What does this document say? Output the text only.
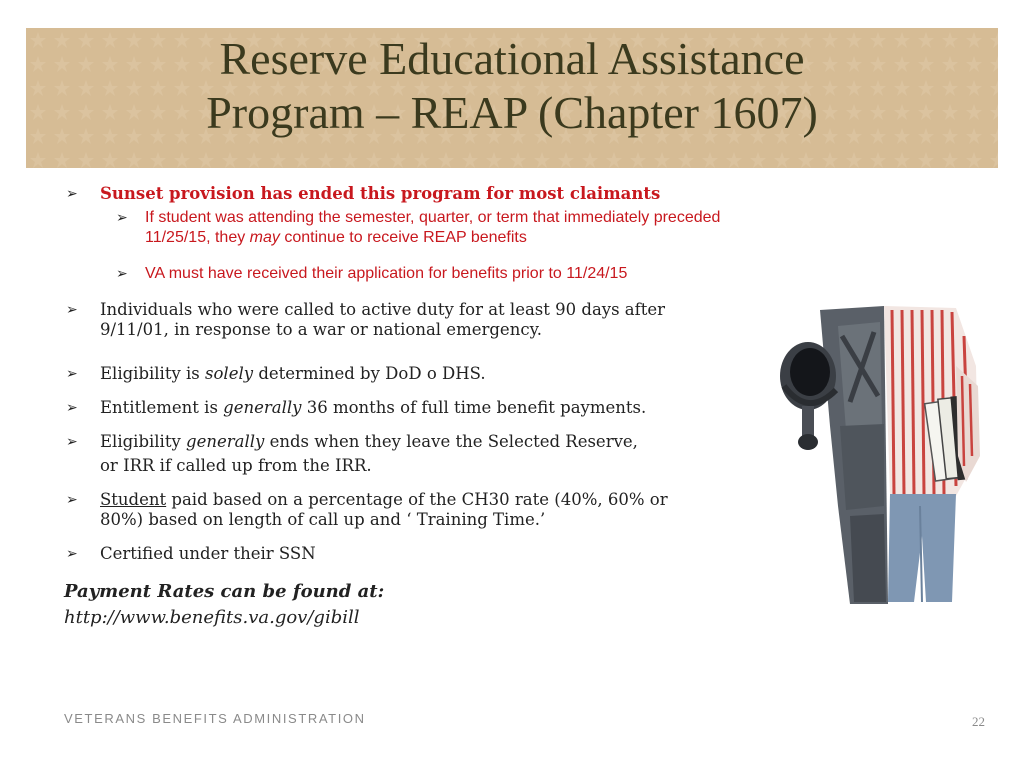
Reserve Educational Assistance
Program – REAP (Chapter 1607)
➢ Sunset provision has ended this program for most claimants
➢ If student was attending the semester, quarter, or term that immediately preceded
11/25/15, they may continue to receive REAP benefits
➢ VA must have received their application for benefits prior to 11/24/15
➢ Individuals who were called to active duty for at least 90 days after
9/11/01, in response to a war or national emergency.
➢ Eligibility is solely determined by DoD o DHS.
➢ Entitlement is generally 36 months of full time benefit payments.
➢ Eligibility generally ends when they leave the Selected Reserve,
or IRR if called up from the IRR.
➢ Student paid based on a percentage of the CH30 rate (40%, 60% or
80%) based on length of call up and ‘ Training Time.’
➢ Certified under their SSN
Payment Rates can be found at:
http://www.benefits.va.gov/gibill
VETERANS BENEFITS ADMINISTRATION	22
